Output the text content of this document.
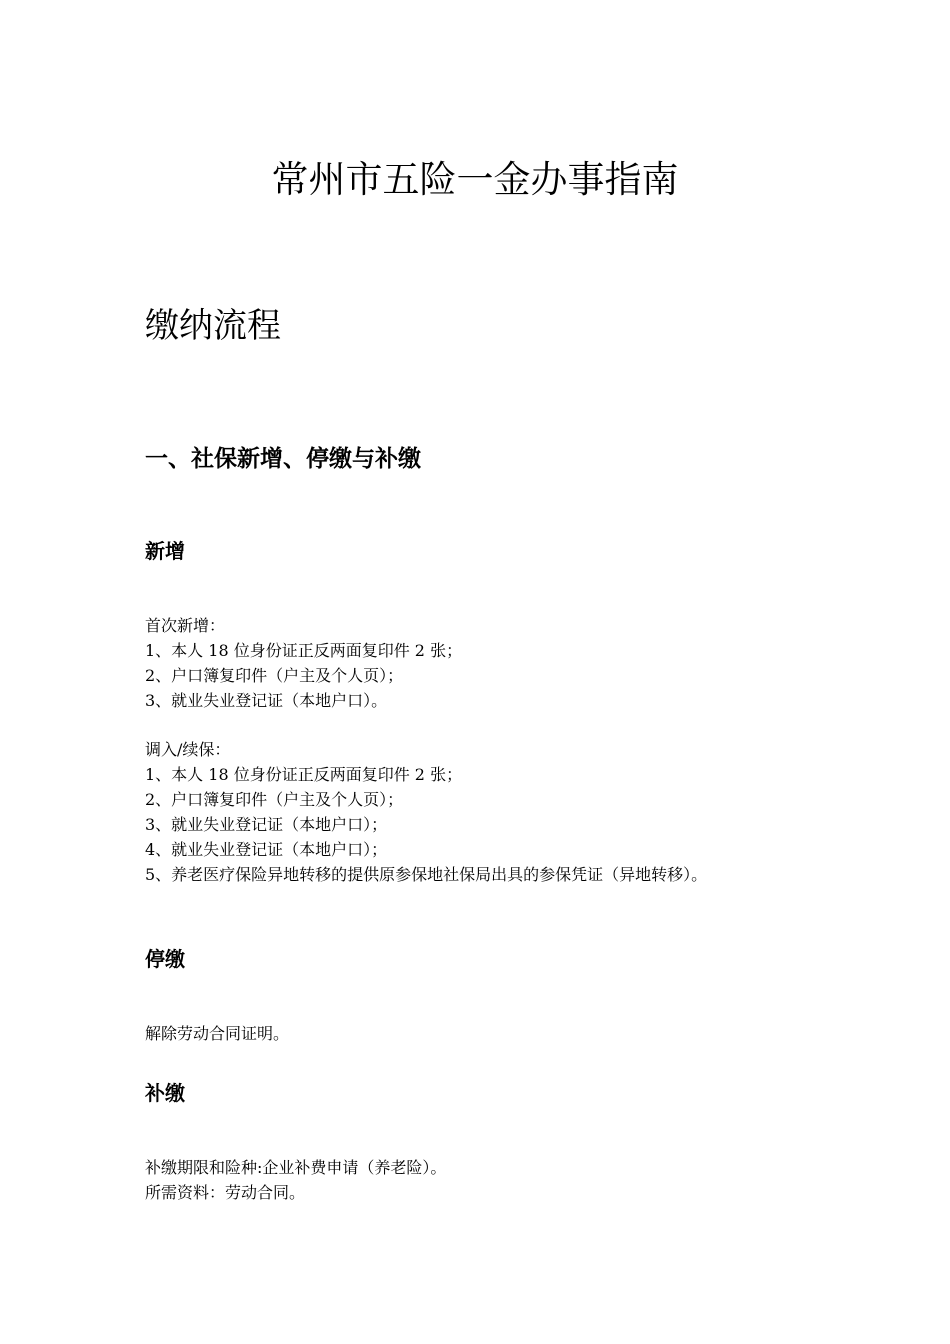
常州市五险一金办事指南
缴纳流程
一、社保新增、停缴与补缴
新增

首次新增：

1、本人 18 位身份证正反两面复印件 2 张；

2、户口簿复印件（户主及个人页）；

3、就业失业登记证（本地户口）。

调入/续保：

1、本人 18 位身份证正反两面复印件 2 张；

2、户口簿复印件（户主及个人页）；

3、就业失业登记证（本地户口）；

4、就业失业登记证（本地户口）；

5、养老医疗保险异地转移的提供原参保地社保局出具的参保凭证（异地转移）。

停缴

解除劳动合同证明。

补缴

补缴期限和险种:企业补费申请（养老险）。

所需资料：劳动合同。
